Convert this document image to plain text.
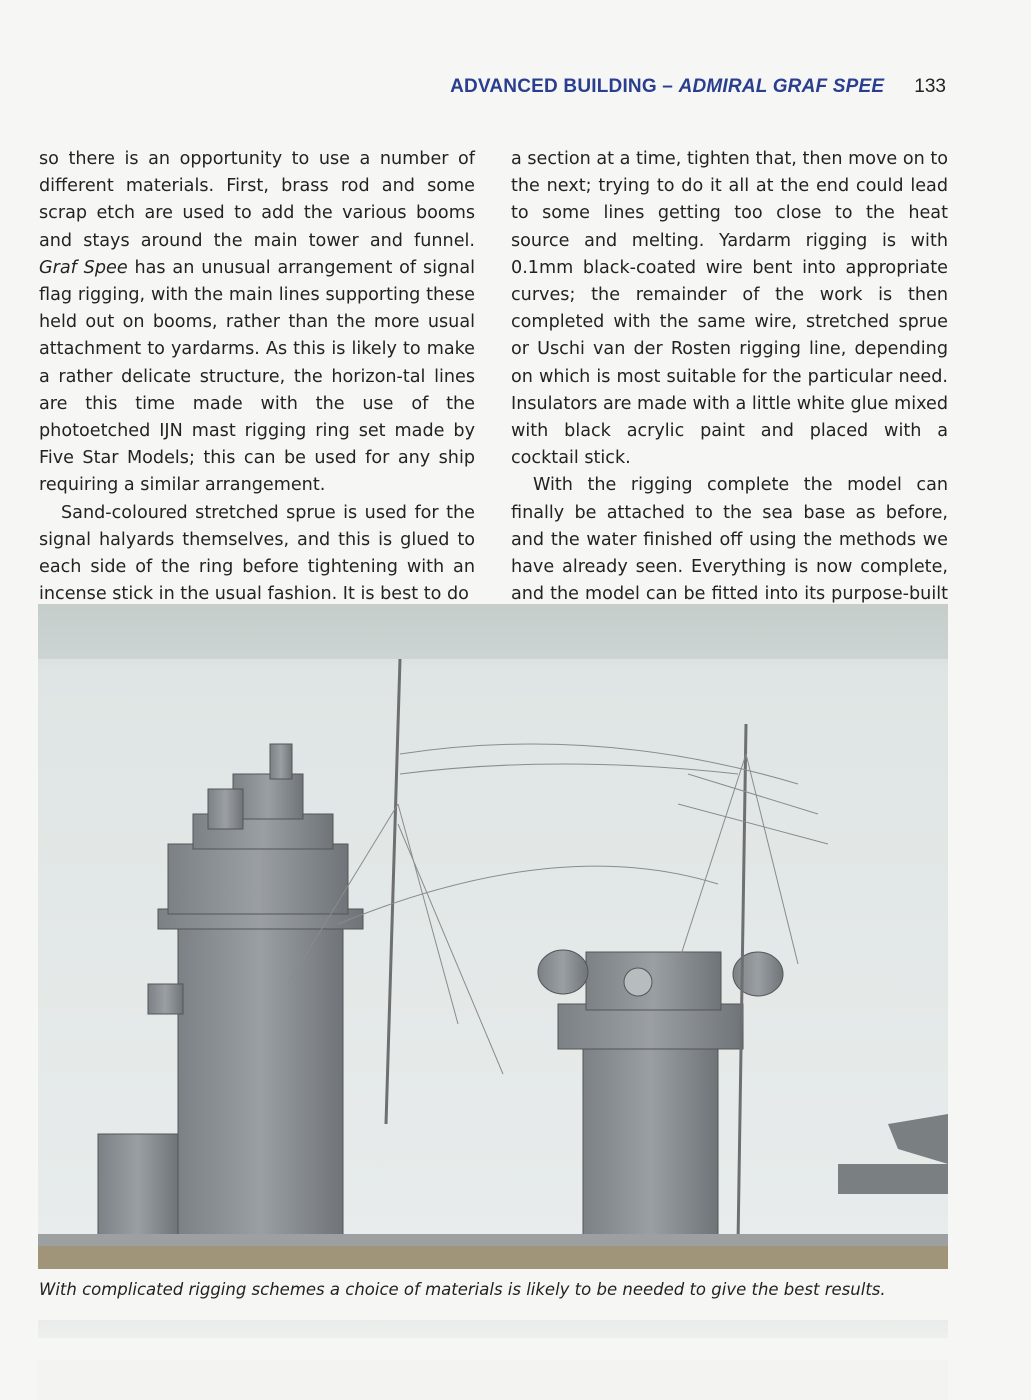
ADVANCED BUILDING – ADMIRAL GRAF SPEE 133

so there is an opportunity to use a number of different materials. First, brass rod and some scrap etch are used to add the various booms and stays around the main tower and funnel. Graf Spee has an unusual arrangement of signal flag rigging, with the main lines supporting these held out on booms, rather than the more usual attachment to yardarms. As this is likely to make a rather delicate structure, the horizon-tal lines are this time made with the use of the photoetched IJN mast rigging ring set made by Five Star Models; this can be used for any ship requiring a similar arrangement.

Sand-coloured stretched sprue is used for the signal halyards themselves, and this is glued to each side of the ring before tightening with an incense stick in the usual fashion. It is best to do

a section at a time, tighten that, then move on to the next; trying to do it all at the end could lead to some lines getting too close to the heat source and melting. Yardarm rigging is with 0.1mm black-coated wire bent into appropriate curves; the remainder of the work is then completed with the same wire, stretched sprue or Uschi van der Rosten rigging line, depending on which is most suitable for the particular need. Insulators are made with a little white glue mixed with black acrylic paint and placed with a cocktail stick.

With the rigging complete the model can finally be attached to the sea base as before, and the water finished off using the methods we have already seen. Everything is now complete, and the model can be fitted into its purpose-built

With complicated rigging schemes a choice of materials is likely to be needed to give the best results.
